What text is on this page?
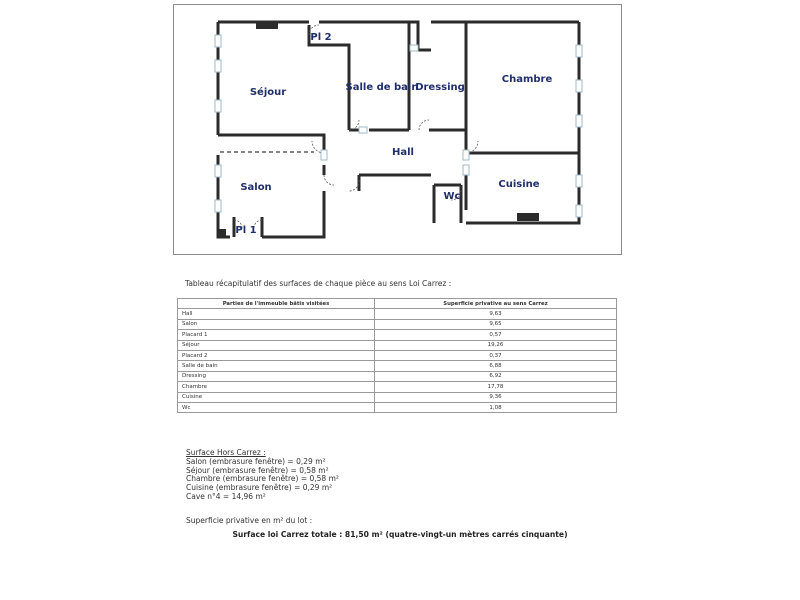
Pl 2
Séjour	Salle de bain
Dressing
Chambre
Hall
Salon
Wc
Cuisine
Pl 1
Tableau récapitulatif des surfaces de chaque pièce au sens Loi Carrez :
Parties de l'immeuble bâtis visitées	Superficie privative au sens Carrez
Hall	9,63
Salon	9,65
Placard 1	0,57
Séjour	19,26
Placard 2	0,37
Salle de bain	6,88
Dressing	6,92
Chambre	17,78
Cuisine	9,36
Wc	1,08
Surface Hors Carrez :
Salon (embrasure fenêtre) = 0,29 m²
Séjour (embrasure fenêtre) = 0,58 m²
Chambre (embrasure fenêtre) = 0,58 m²
Cuisine (embrasure fenêtre) = 0,29 m²
Cave n°4 = 14,96 m²
Superficie privative en m² du lot :
Surface loi Carrez totale : 81,50 m² (quatre-vingt-un mètres carrés cinquante)
